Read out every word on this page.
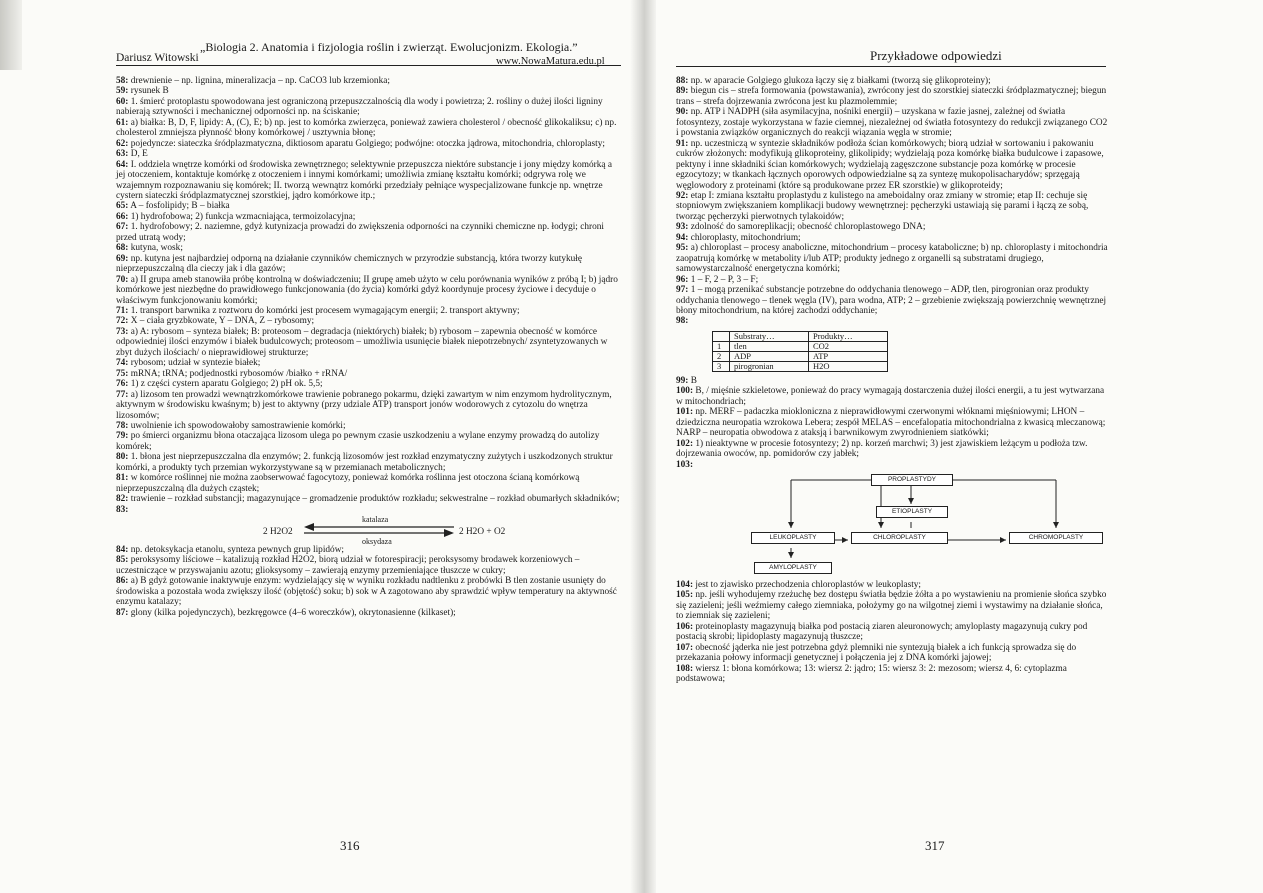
„Biologia 2. Anatomia i fizjologia roślin i zwierząt. Ewolucjonizm. Ekologia.”
Dariusz Witowski	www.NowaMatura.edu.pl
58: drewnienie – np. lignina, mineralizacja – np. CaCO3 lub krzemionka;
59: rysunek B
60: 1. śmierć protoplastu spowodowana jest ograniczoną przepuszczalnością dla wody i powietrza; 2. rośliny o dużej ilości ligniny nabierają sztywności i mechanicznej odporności np. na ściskanie;
61: a) białka: B, D, F, lipidy: A, (C), E; b) np. jest to komórka zwierzęca, ponieważ zawiera cholesterol / obecność glikokaliksu; c) np. cholesterol zmniejsza płynność błony komórkowej / usztywnia błonę;
62: pojedyncze: siateczka śródplazmatyczna, diktiosom aparatu Golgiego; podwójne: otoczka jądrowa, mitochondria, chloroplasty;
63: D, E
64: I. oddziela wnętrze komórki od środowiska zewnętrznego; selektywnie przepuszcza niektóre substancje i jony między komórką a jej otoczeniem, kontaktuje komórkę z otoczeniem i innymi komórkami; umożliwia zmianę kształtu komórki; odgrywa rolę we wzajemnym rozpoznawaniu się komórek; II. tworzą wewnątrz komórki przedziały pełniące wyspecjalizowane funkcje np. wnętrze cystern siateczki śródplazmatycznej szorstkiej, jądro komórkowe itp.;
65: A – fosfolipidy; B – białka
66: 1) hydrofobowa; 2) funkcja wzmacniająca, termoizolacyjna;
67: 1. hydrofobowy; 2. naziemne, gdyż kutynizacja prowadzi do zwiększenia odporności na czynniki chemiczne np. łodygi; chroni przed utratą wody;
68: kutyna, wosk;
69: np. kutyna jest najbardziej odporną na działanie czynników chemicznych w przyrodzie substancją, która tworzy kutykułę nieprzepuszczalną dla cieczy jak i dla gazów;
70: a) II grupa ameb stanowiła próbę kontrolną w doświadczeniu; II grupę ameb użyto w celu porównania wyników z próbą I; b) jądro komórkowe jest niezbędne do prawidłowego funkcjonowania (do życia) komórki gdyż koordynuje procesy życiowe i decyduje o właściwym funkcjonowaniu komórki;
71: 1. transport barwnika z roztworu do komórki jest procesem wymagającym energii; 2. transport aktywny;
72: X – ciała gryzbkowate, Y – DNA, Z – rybosomy;
73: a) A: rybosom – synteza białek; B: proteosom – degradacja (niektórych) białek; b) rybosom – zapewnia obecność w komórce odpowiedniej ilości enzymów i białek budulcowych; proteosom – umożliwia usunięcie białek niepotrzebnych/ zsyntetyzowanych w zbyt dużych ilościach/ o nieprawidłowej strukturze;
74: rybosom; udział w syntezie białek;
75: mRNA; tRNA; podjednostki rybosomów /białko + rRNA/
76: 1) z części cystern aparatu Golgiego; 2) pH ok. 5,5;
77: a) lizosom ten prowadzi wewnątrzkomórkowe trawienie pobranego pokarmu, dzięki zawartym w nim enzymom hydrolitycznym, aktywnym w środowisku kwaśnym; b) jest to aktywny (przy udziale ATP) transport jonów wodorowych z cytozolu do wnętrza lizosomów;
78: uwolnienie ich spowodowałoby samostrawienie komórki;
79: po śmierci organizmu błona otaczająca lizosom ulega po pewnym czasie uszkodzeniu a wylane enzymy prowadzą do autolizy komórek;
80: 1. błona jest nieprzepuszczalna dla enzymów; 2. funkcją lizosomów jest rozkład enzymatyczny zużytych i uszkodzonych struktur komórki, a produkty tych przemian wykorzystywane są w przemianach metabolicznych;
81: w komórce roślinnej nie można zaobserwować fagocytozy, ponieważ komórka roślinna jest otoczona ścianą komórkową nieprzepuszczalną dla dużych cząstek;
82: trawienie – rozkład substancji; magazynujące – gromadzenie produktów rozkładu; sekwestralne – rozkład obumarłych składników;
83:
2 H2O2
katalaza
oksydaza
2 H2O + O2
84: np. detoksykacja etanolu, synteza pewnych grup lipidów;
85: peroksysomy liściowe – katalizują rozkład H2O2, biorą udział w fotorespiracji; peroksysomy brodawek korzeniowych – uczestniczące w przyswajaniu azotu; glioksysomy – zawierają enzymy przemieniające tłuszcze w cukry;
86: a) B gdyż gotowanie inaktywuje enzym: wydzielający się w wyniku rozkładu nadtlenku z probówki B tlen zostanie usunięty do środowiska a pozostała woda zwiększy ilość (objętość) soku; b) sok w A zagotowano aby sprawdzić wpływ temperatury na aktywność enzymu katalazy;
87: glony (kilka pojedynczych), bezkręgowce (4–6 woreczków), okrytonasienne (kilkaset);
316
Przykładowe odpowiedzi
88: np. w aparacie Golgiego glukoza łączy się z białkami (tworzą się glikoproteiny);
89: biegun cis – strefa formowania (powstawania), zwrócony jest do szorstkiej siateczki śródplazmatycznej; biegun trans – strefa dojrzewania zwrócona jest ku plazmolemmie;
90: np. ATP i NADPH (siła asymilacyjna, nośniki energii) – uzyskana w fazie jasnej, zależnej od światła fotosyntezy, zostaje wykorzystana w fazie ciemnej, niezależnej od światła fotosyntezy do redukcji związanego CO2 i powstania związków organicznych do reakcji wiązania węgla w stromie;
91: np. uczestniczą w syntezie składników podłoża ścian komórkowych; biorą udział w sortowaniu i pakowaniu cukrów złożonych: modyfikują glikoproteiny, glikolipidy; wydzielają poza komórkę białka budulcowe i zapasowe, pektyny i inne składniki ścian komórkowych; wydzielają zagęszczone substancje poza komórkę w procesie egzocytozy; w tkankach łącznych oporowych odpowiedzialne są za syntezę mukopolisacharydów; sprzęgają węglowodory z proteinami (które są produkowane przez ER szorstkie) w glikoproteidy;
92: etap I: zmiana kształtu proplastydu z kulistego na ameboidalny oraz zmiany w stromie; etap II: cechuje się stopniowym zwiększaniem komplikacji budowy wewnętrznej: pęcherzyki ustawiają się parami i łączą ze sobą, tworząc pęcherzyki pierwotnych tylakoidów;
93: zdolność do samoreplikacji; obecność chloroplastowego DNA;
94: chloroplasty, mitochondrium;
95: a) chloroplast – procesy anaboliczne, mitochondrium – procesy kataboliczne; b) np. chloroplasty i mitochondria zaopatrują komórkę w metabolity i/lub ATP; produkty jednego z organelli są substratami drugiego, samowystarczalność energetyczna komórki;
96: 1 – F, 2 – P, 3 – F;
97: 1 – mogą przenikać substancje potrzebne do oddychania tlenowego – ADP, tlen, pirogronian oraz produkty oddychania tlenowego – tlenek węgla (IV), para wodna, ATP; 2 – grzebienie zwiększają powierzchnię wewnętrznej błony mitochondrium, na której zachodzi oddychanie;
98:
	Substraty…	Produkty…
1	tlen	CO2
2	ADP	ATP
3	pirogronian	H2O
99: B
100: B, / mięśnie szkieletowe, ponieważ do pracy wymagają dostarczenia dużej ilości energii, a tu jest wytwarzana w mitochondriach;
101: np. MERF – padaczka miokloniczna z nieprawidłowymi czerwonymi włóknami mięśniowymi; LHON – dziedziczna neuropatia wzrokowa Lebera; zespół MELAS – encefalopatia mitochondrialna z kwasicą mleczanową; NARP – neuropatia obwodowa z ataksją i barwnikowym zwyrodnieniem siatkówki;
102: 1) nieaktywne w procesie fotosyntezy; 2) np. korzeń marchwi; 3) jest zjawiskiem leżącym u podłoża tzw. dojrzewania owoców, np. pomidorów czy jabłek;
103:
PROPLASTYDY
ETIOPLASTY
LEUKOPLASTY	CHLOROPLASTY	CHROMOPLASTY
AMYLOPLASTY
104: jest to zjawisko przechodzenia chloroplastów w leukoplasty;
105: np. jeśli wyhodujemy rzeżuchę bez dostępu światła będzie żółta a po wystawieniu na promienie słońca szybko się zazieleni; jeśli weźmiemy całego ziemniaka, położymy go na wilgotnej ziemi i wystawimy na działanie słońca, to ziemniak się zazieleni;
106: proteinoplasty magazynują białka pod postacią ziaren aleuronowych; amyloplasty magazynują cukry pod postacią skrobi; lipidoplasty magazynują tłuszcze;
107: obecność jąderka nie jest potrzebna gdyż plemniki nie syntezują białek a ich funkcją sprowadza się do przekazania połowy informacji genetycznej i połączenia jej z DNA komórki jajowej;
108: wiersz 1: błona komórkowa; 13: wiersz 2: jądro; 15: wiersz 3: 2: mezosom; wiersz 4, 6: cytoplazma podstawowa;
317
